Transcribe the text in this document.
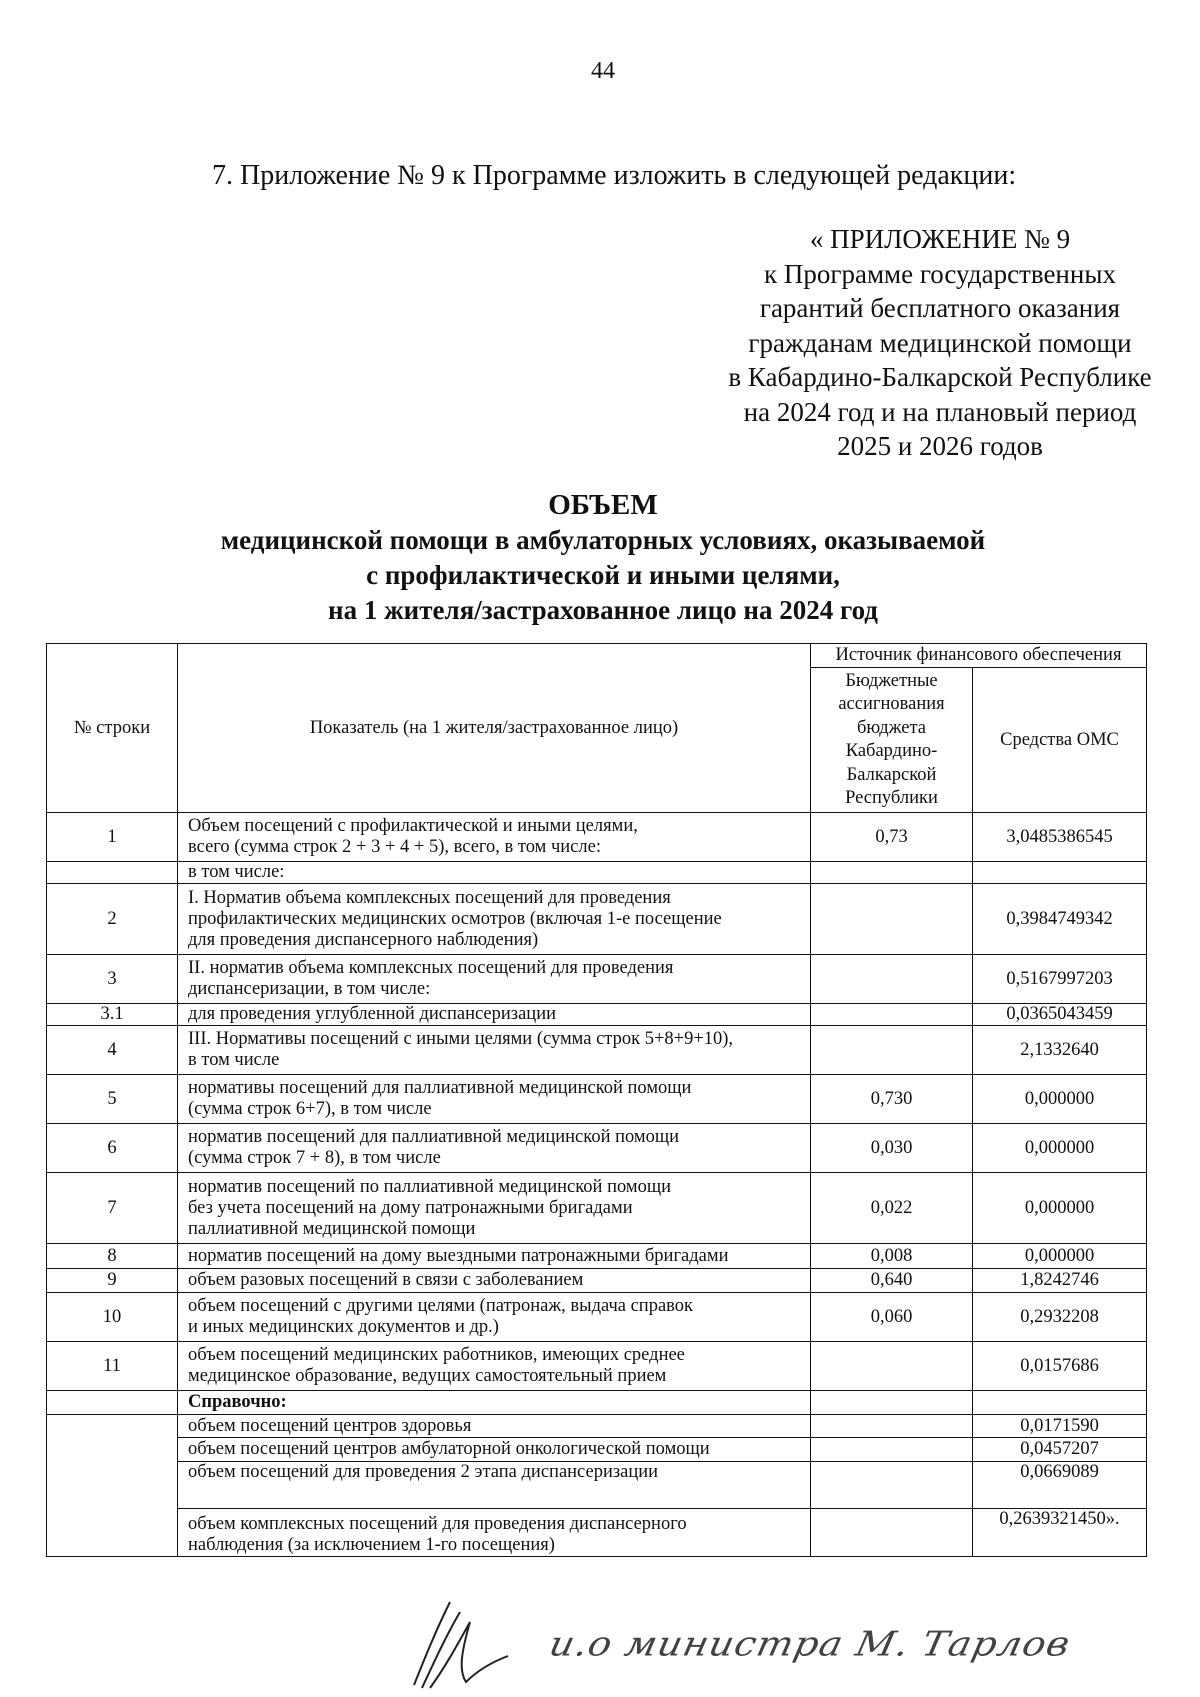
44
7. Приложение № 9 к Программе изложить в следующей редакции:
« ПРИЛОЖЕНИЕ № 9
к Программе государственных
гарантий бесплатного оказания
гражданам медицинской помощи
в Кабардино-Балкарской Республике
на 2024 год и на плановый период
2025 и 2026 годов
ОБЪЕМ
медицинской помощи в амбулаторных условиях, оказываемой
с профилактической и иными целями,
на 1 жителя/застрахованное лицо на 2024 год
№ строки	Показатель (на 1 жителя/застрахованное лицо)	Источник финансового обеспечения	
		Бюджетные ассигнования бюджета Кабардино-Балкарской Республики	Средства ОМС
1	Объем посещений с профилактической и иными целями,
всего (сумма строк 2 + 3 + 4 + 5), всего, в том числе:	0,73	3,0485386545
	в том числе:		
2	I. Норматив объема комплексных посещений для проведения
профилактических медицинских осмотров (включая 1-е посещение
для проведения диспансерного наблюдения)		0,3984749342
3	II. норматив объема комплексных посещений для проведения
диспансеризации, в том числе:		0,5167997203
3.1	для проведения углубленной диспансеризации		0,0365043459
4	III. Нормативы посещений с иными целями (сумма строк 5+8+9+10),
в том числе		2,1332640
5	нормативы посещений для паллиативной медицинской помощи
(сумма строк 6+7), в том числе	0,730	0,000000
6	норматив посещений для паллиативной медицинской помощи
(сумма строк 7 + 8), в том числе	0,030	0,000000
7	норматив посещений по паллиативной медицинской помощи
без учета посещений на дому патронажными бригадами
паллиативной медицинской помощи	0,022	0,000000
8	норматив посещений на дому выездными патронажными бригадами	0,008	0,000000
9	объем разовых посещений в связи с заболеванием	0,640	1,8242746
10	объем посещений с другими целями (патронаж, выдача справок
и иных медицинских документов и др.)	0,060	0,2932208
11	объем посещений медицинских работников, имеющих среднее
медицинское образование, ведущих самостоятельный прием		0,0157686
	Справочно:		
	объем посещений центров здоровья		0,0171590
	объем посещений центров амбулаторной онкологической помощи		0,0457207
	объем посещений для проведения 2 этапа диспансеризации		0,0669089
	объем комплексных посещений для проведения диспансерного
наблюдения (за исключением 1-го посещения)		0,2639321450».
и.о министра М. Тарлов
